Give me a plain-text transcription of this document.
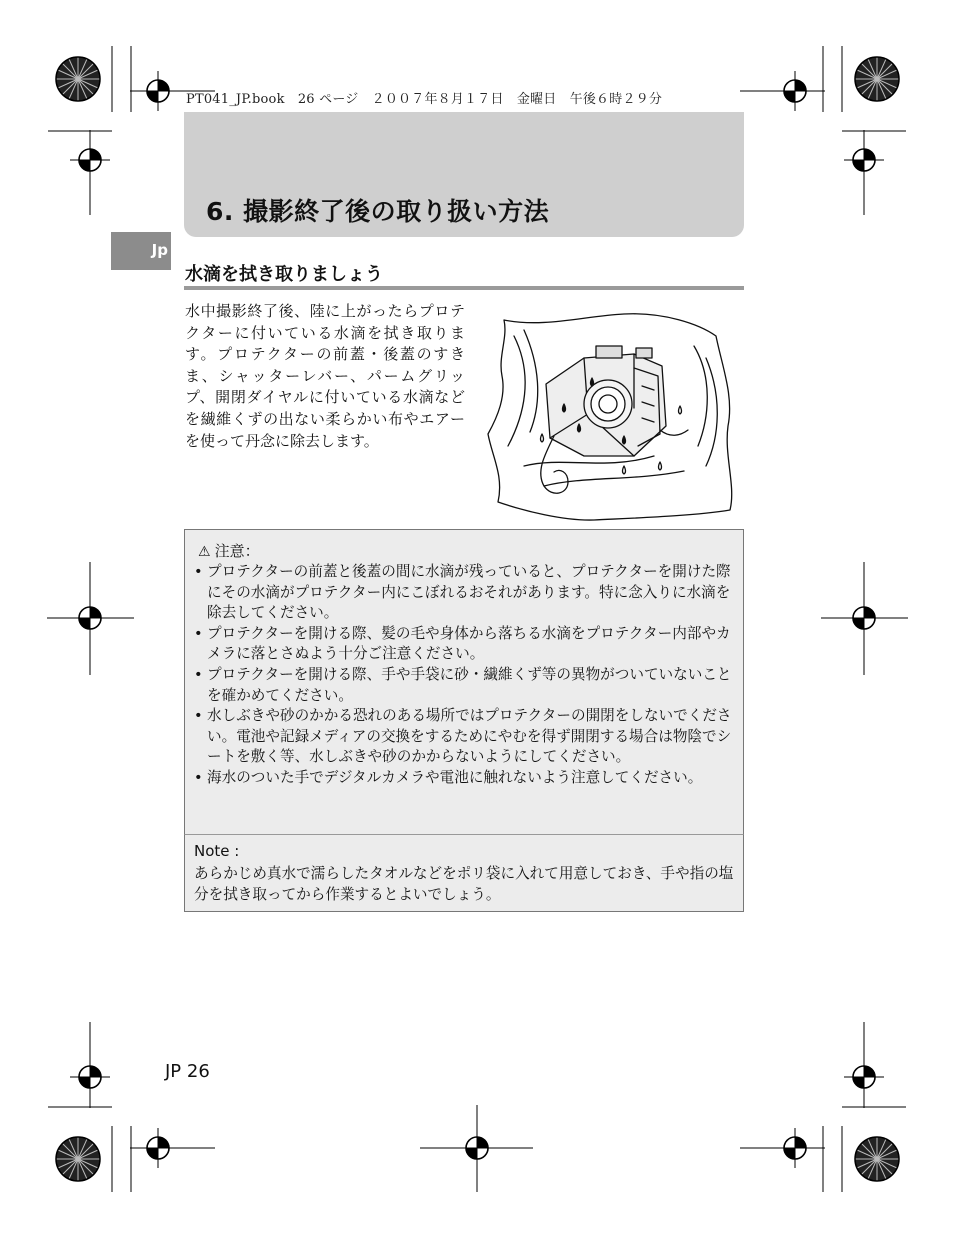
PT041_JP.book　26 ページ　２００７年８月１７日　金曜日　午後６時２９分
6. 撮影終了後の取り扱い方法
Jp
水滴を拭き取りましょう
水中撮影終了後、陸に上がったらプロテクターに付いている水滴を拭き取ります。プロテクターの前蓋・後蓋のすきま、シャッターレバー、パームグリップ、開閉ダイヤルに付いている水滴などを繊維くずの出ない柔らかい布やエアーを使って丹念に除去します。
⚠ 注意：
• プロテクターの前蓋と後蓋の間に水滴が残っていると、プロテクターを開けた際にその水滴がプロテクター内にこぼれるおそれがあります。特に念入りに水滴を除去してください。
• プロテクターを開ける際、髪の毛や身体から落ちる水滴をプロテクター内部やカメラに落とさぬよう十分ご注意ください。
• プロテクターを開ける際、手や手袋に砂・繊維くず等の異物がついていないことを確かめてください。
• 水しぶきや砂のかかる恐れのある場所ではプロテクターの開閉をしないでください。電池や記録メディアの交換をするためにやむを得ず開閉する場合は物陰でシートを敷く等、水しぶきや砂のかからないようにしてください。
• 海水のついた手でデジタルカメラや電池に触れないよう注意してください。
Note :
あらかじめ真水で濡らしたタオルなどをポリ袋に入れて用意しておき、手や指の塩分を拭き取ってから作業するとよいでしょう。
JP 26
